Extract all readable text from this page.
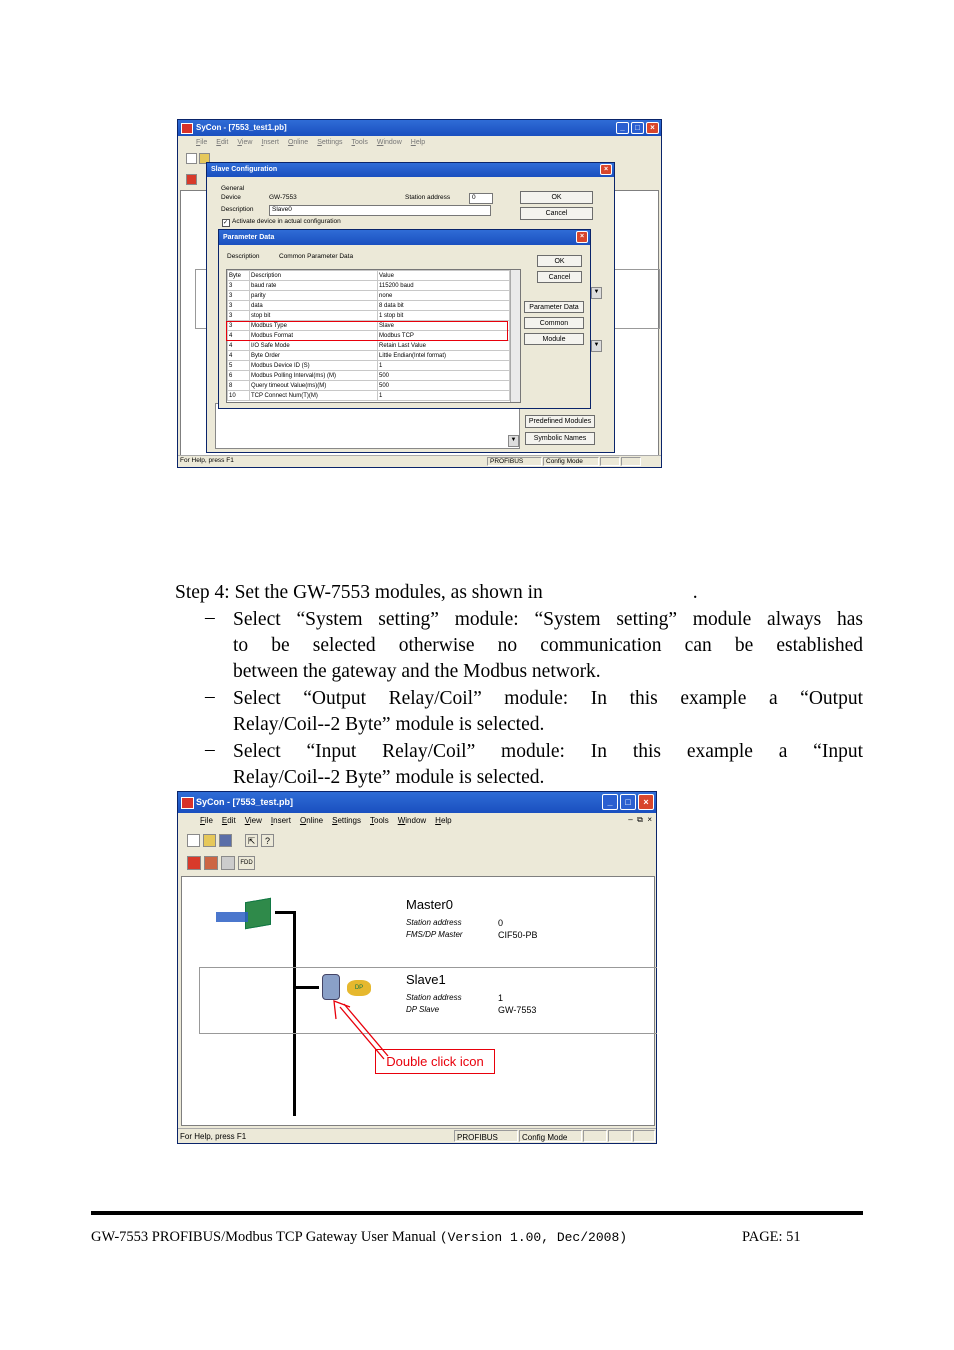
SyCon - [7553_test1.pb]	_	□	×
File Edit View Insert Online Settings Tools Window Help
For Help, press F1	PROFIBUS	Config Mode
Slave Configuration	×
General
Device	GW-7553	Station address	0
Description	Slave0
✓ Activate device in actual configuration
OK
Cancel
Predefined Modules
Symbolic Names
▼
▼
▼
Parameter Data	×
Description	Common Parameter Data
Byte	Description	Value
3	baud rate	115200 baud
3	parity	none
3	data	8 data bit
3	stop bit	1 stop bit
3	Modbus Type	Slave
4	Modbus Format	Modbus TCP
4	I/O Safe Mode	Retain Last Value
4	Byte Order	Little Endian(Intel format)
5	Modbus Device ID (S)	1
6	Modbus Polling Interval(ms) (M)	500
8	Query timeout Value(ms)(M)	500
10	TCP Connect Num(T)(M)	1
OK
Cancel
Parameter Data
Common
Module
Step 4: Set the GW-7553 modules, as shown in	.
– Select “System setting” module: “System setting” module always has
to be selected otherwise no communication can be established
between the gateway and the Modbus network.
– Select “Output Relay/Coil” module: In this example a “Output
Relay/Coil--2 Byte” module is selected.
– Select “Input Relay/Coil” module: In this example a “Input
Relay/Coil--2 Byte” module is selected.
SyCon - [7553_test.pb]	_	□	×
File Edit View Insert Online Settings Tools Window Help	–  ⧉  ×
⇱	?
FDD
DP
Master0
Station address	0
FMS/DP Master	CIF50-PB
Slave1
Station address	1
DP Slave	GW-7553
Double click icon
For Help, press F1	PROFIBUS	Config Mode
GW-7553 PROFIBUS/Modbus TCP Gateway User Manual (Version 1.00, Dec/2008)	PAGE: 51
